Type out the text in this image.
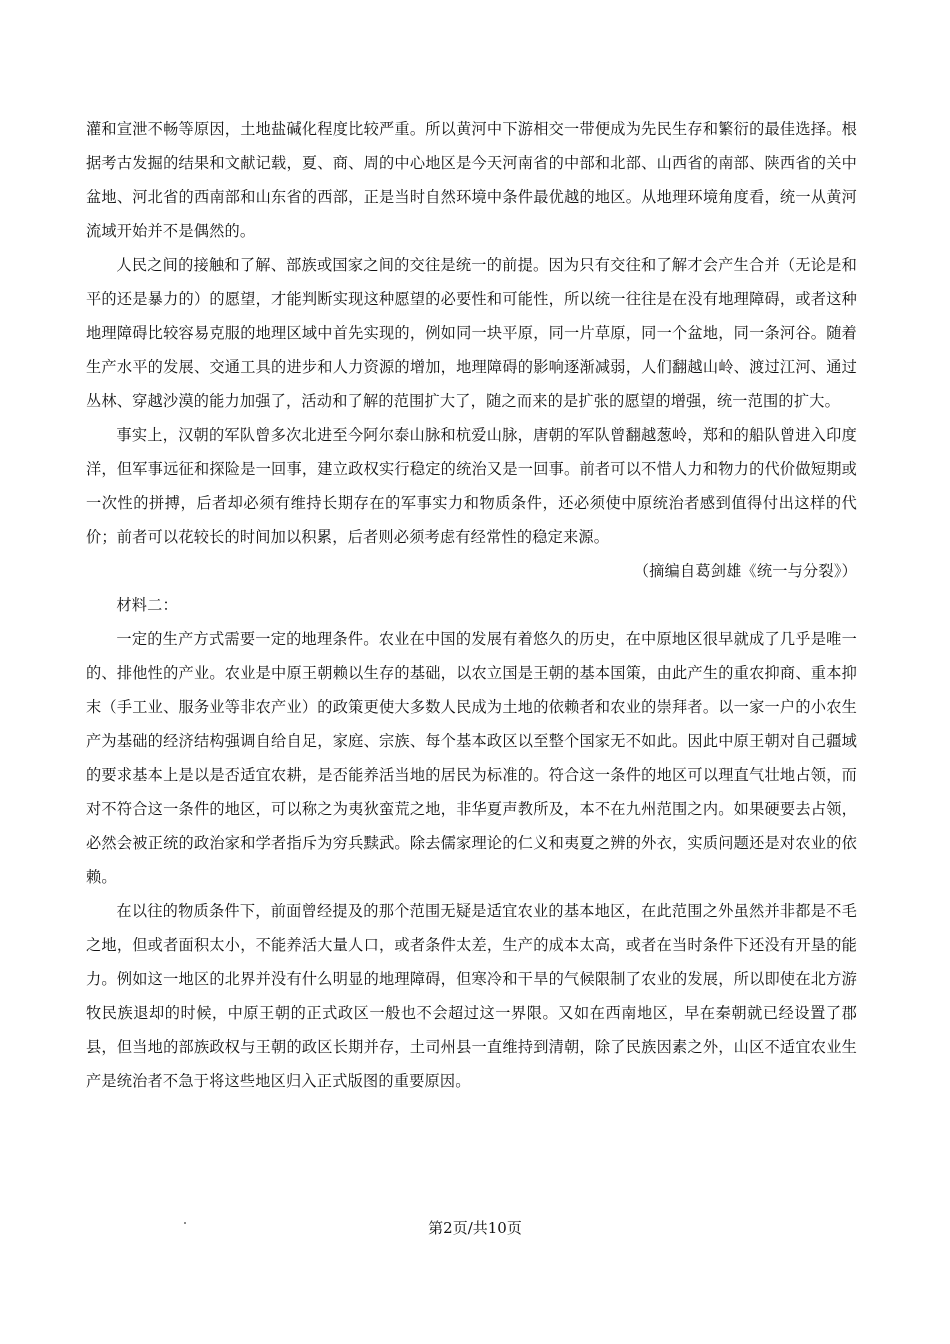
灌和宣泄不畅等原因，土地盐碱化程度比较严重。所以黄河中下游相交一带便成为先民生存和繁衍的最佳选择。根据考古发掘的结果和文献记载，夏、商、周的中心地区是今天河南省的中部和北部、山西省的南部、陕西省的关中盆地、河北省的西南部和山东省的西部，正是当时自然环境中条件最优越的地区。从地理环境角度看，统一从黄河流域开始并不是偶然的。

人民之间的接触和了解、部族或国家之间的交往是统一的前提。因为只有交往和了解才会产生合并（无论是和平的还是暴力的）的愿望，才能判断实现这种愿望的必要性和可能性，所以统一往往是在没有地理障碍，或者这种地理障碍比较容易克服的地理区域中首先实现的，例如同一块平原，同一片草原，同一个盆地，同一条河谷。随着生产水平的发展、交通工具的进步和人力资源的增加，地理障碍的影响逐渐减弱，人们翻越山岭、渡过江河、通过丛林、穿越沙漠的能力加强了，活动和了解的范围扩大了，随之而来的是扩张的愿望的增强，统一范围的扩大。

事实上，汉朝的军队曾多次北进至今阿尔泰山脉和杭爱山脉，唐朝的军队曾翻越葱岭，郑和的船队曾进入印度洋，但军事远征和探险是一回事，建立政权实行稳定的统治又是一回事。前者可以不惜人力和物力的代价做短期或一次性的拼搏，后者却必须有维持长期存在的军事实力和物质条件，还必须使中原统治者感到值得付出这样的代价；前者可以花较长的时间加以积累，后者则必须考虑有经常性的稳定来源。

（摘编自葛剑雄《统一与分裂》）

材料二：

一定的生产方式需要一定的地理条件。农业在中国的发展有着悠久的历史，在中原地区很早就成了几乎是唯一的、排他性的产业。农业是中原王朝赖以生存的基础，以农立国是王朝的基本国策，由此产生的重农抑商、重本抑末（手工业、服务业等非农产业）的政策更使大多数人民成为土地的依赖者和农业的崇拜者。以一家一户的小农生产为基础的经济结构强调自给自足，家庭、宗族、每个基本政区以至整个国家无不如此。因此中原王朝对自己疆域的要求基本上是以是否适宜农耕，是否能养活当地的居民为标准的。符合这一条件的地区可以理直气壮地占领，而对不符合这一条件的地区，可以称之为夷狄蛮荒之地，非华夏声教所及，本不在九州范围之内。如果硬要去占领，必然会被正统的政治家和学者指斥为穷兵黩武。除去儒家理论的仁义和夷夏之辨的外衣，实质问题还是对农业的依赖。

在以往的物质条件下，前面曾经提及的那个范围无疑是适宜农业的基本地区，在此范围之外虽然并非都是不毛之地，但或者面积太小，不能养活大量人口，或者条件太差，生产的成本太高，或者在当时条件下还没有开垦的能力。例如这一地区的北界并没有什么明显的地理障碍，但寒冷和干旱的气候限制了农业的发展，所以即使在北方游牧民族退却的时候，中原王朝的正式政区一般也不会超过这一界限。又如在西南地区，早在秦朝就已经设置了郡县，但当地的部族政权与王朝的政区长期并存，土司州县一直维持到清朝，除了民族因素之外，山区不适宜农业生产是统治者不急于将这些地区归入正式版图的重要原因。

第2页/共10页
